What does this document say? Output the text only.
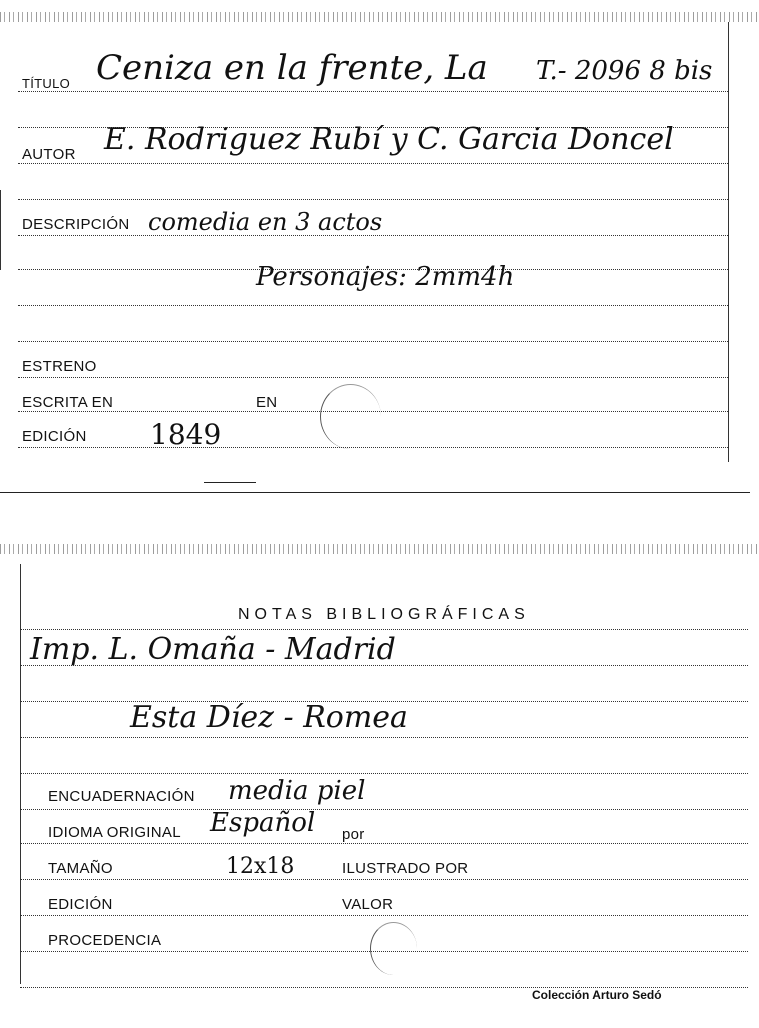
TÍTULO Ceniza en la frente, La T.- 2096 8 bis
AUTOR E. Rodriguez Rubí y C. Garcia Doncel
DESCRIPCIÓN comedia en 3 actos
Personajes: 2mm4h
ESTRENO
ESCRITA EN	EN
EDICIÓN 1849
NOTAS BIBLIOGRÁFICAS
Imp. L. Omaña - Madrid
Esta Díez - Romea
ENCUADERNACIÓN media piel
IDIOMA ORIGINAL Español por
TAMAÑO	12x18	ILUSTRADO POR
EDICIÓN	VALOR
PROCEDENCIA
Colección Arturo Sedó
